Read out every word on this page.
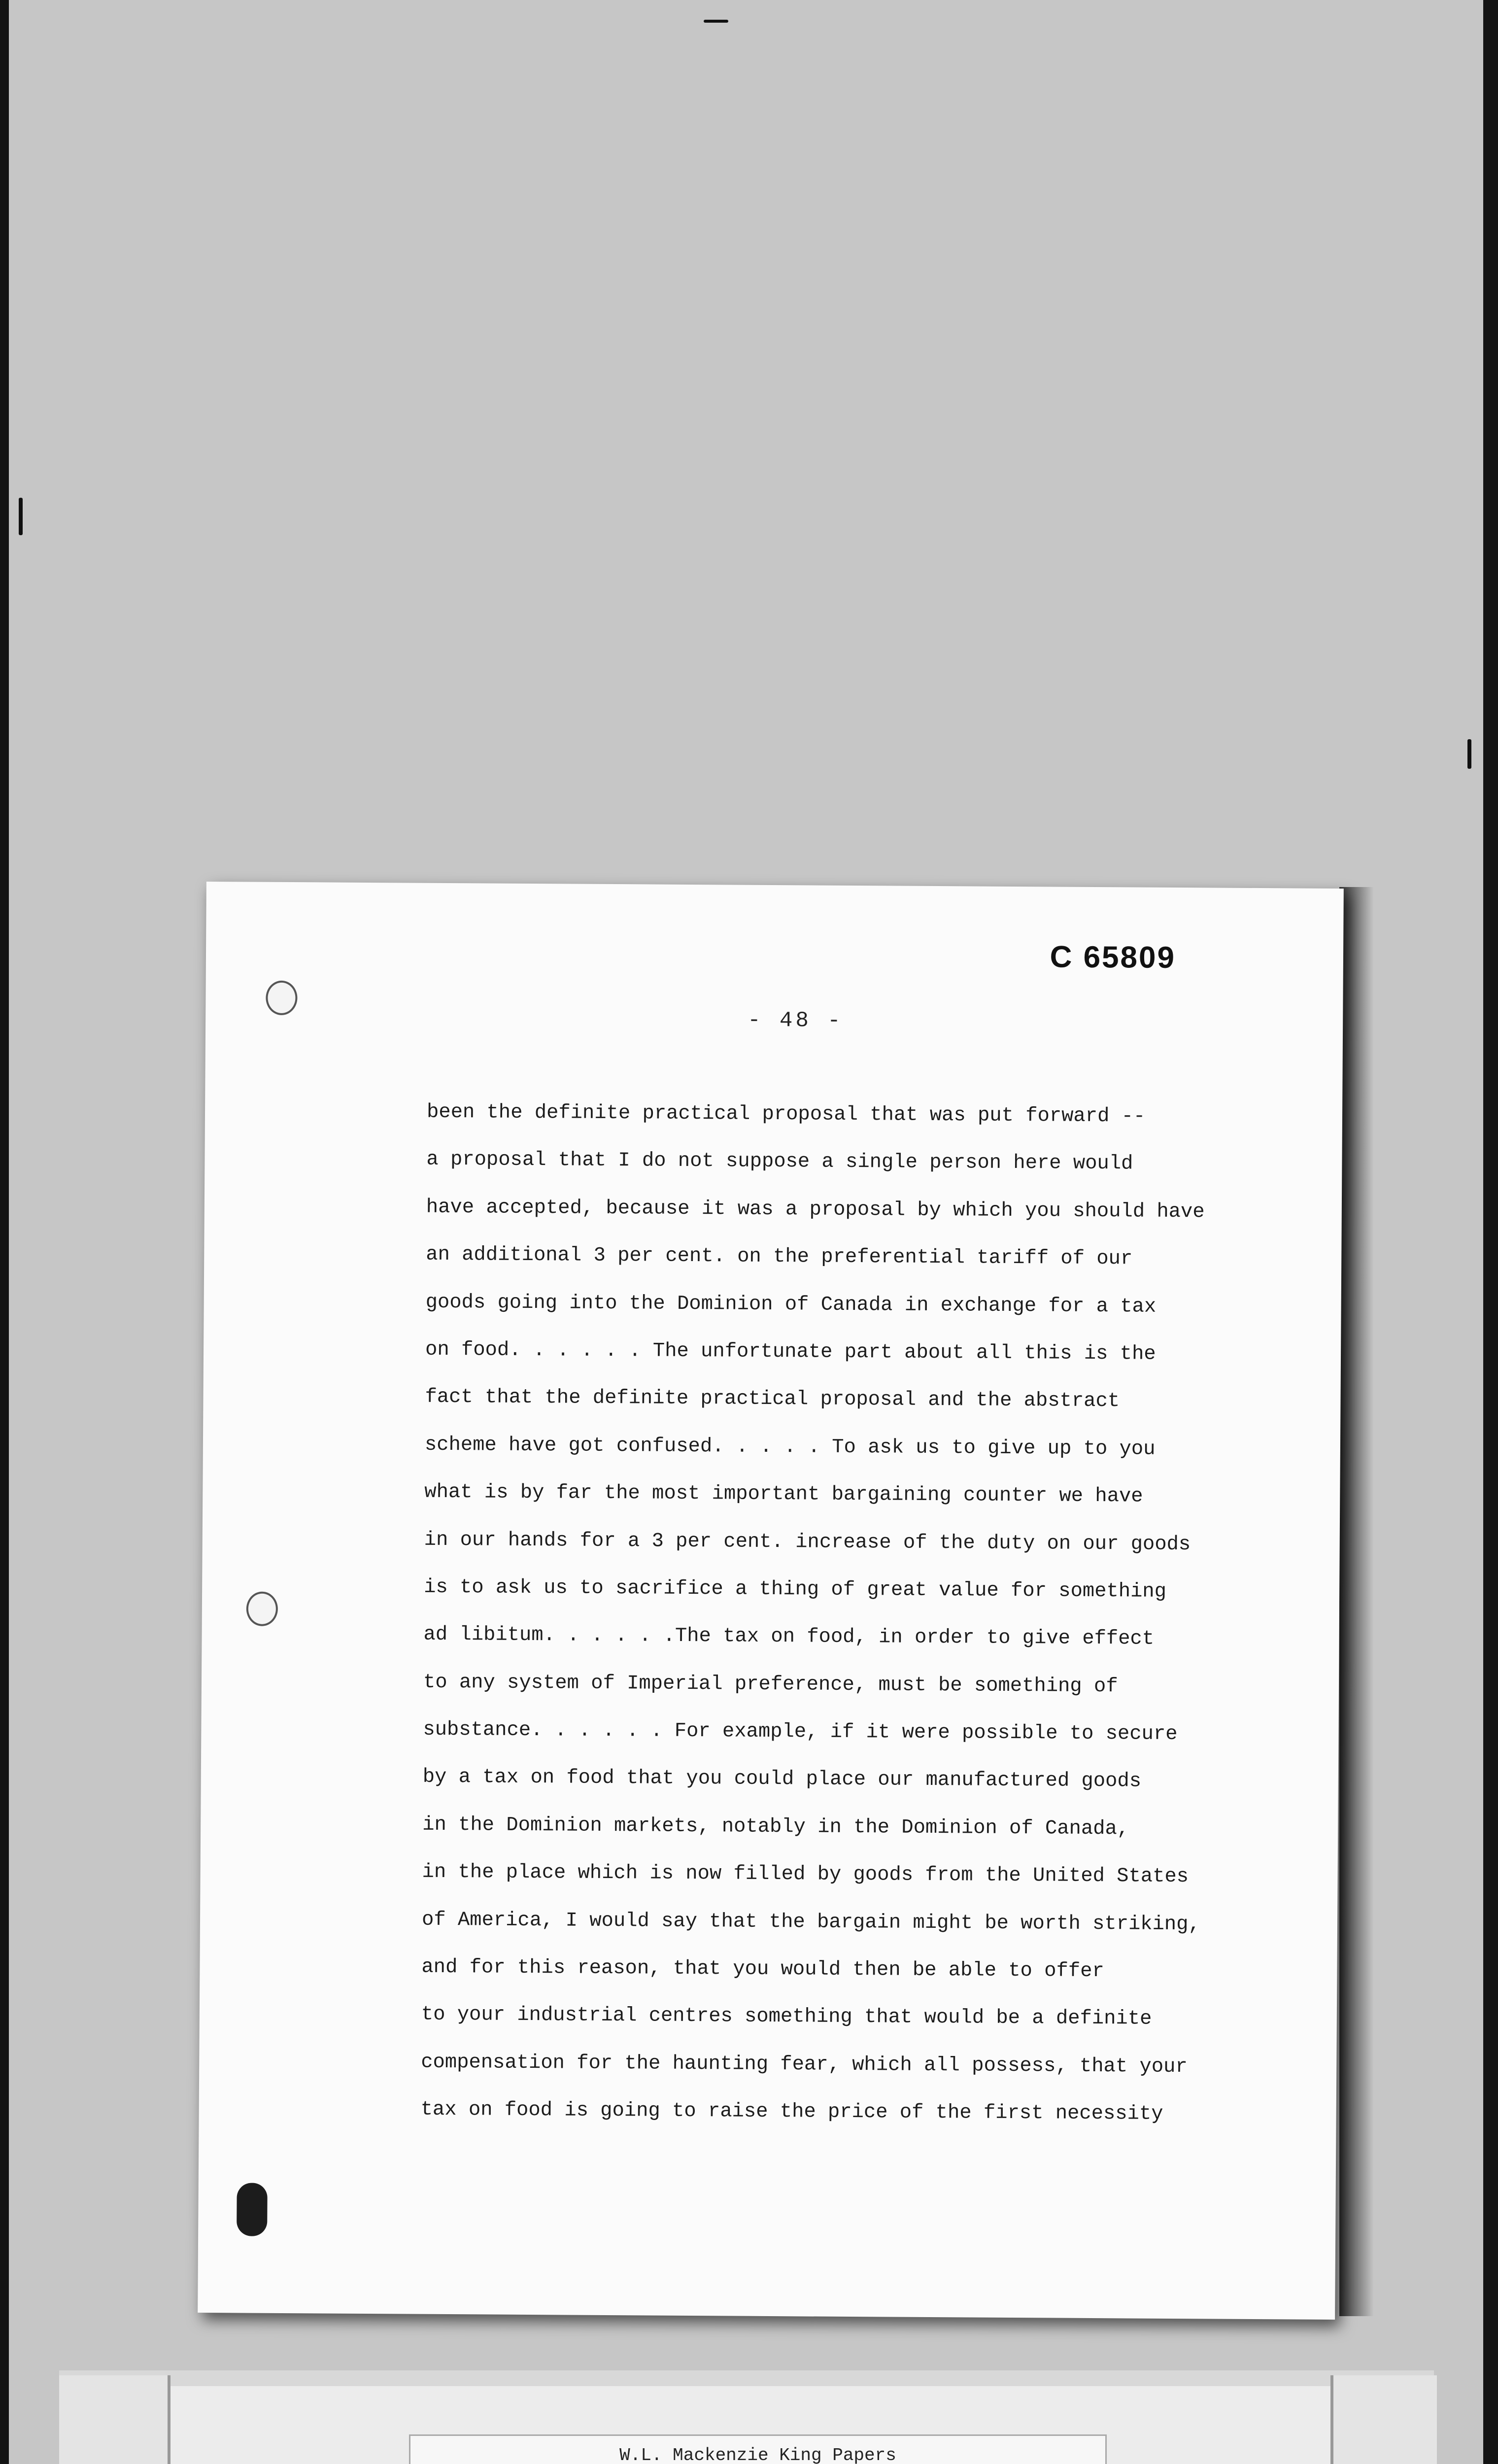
C 65809
- 48 -
been the definite practical proposal that was put forward --
a proposal that I do not suppose a single person here would
have accepted, because it was a proposal by which you should have
an additional 3 per cent. on the preferential tariff of our
goods going into the Dominion of Canada in exchange for a tax
on food. . . . . . The unfortunate part about all this is the
fact that the definite practical proposal and the abstract
scheme have got confused. . . . . To ask us to give up to you
what is by far the most important bargaining counter we have
in our hands for a 3 per cent. increase of the duty on our goods
is to ask us to sacrifice a thing of great value for something
ad libitum. . . . . .The tax on food, in order to give effect
to any system of Imperial preference, must be something of
substance. . . . . . For example, if it were possible to secure
by a tax on food that you could place our manufactured goods
in the Dominion markets, notably in the Dominion of Canada,
in the place which is now filled by goods from the United States
of America, I would say that the bargain might be worth striking,
and for this reason, that you would then be able to offer
to your industrial centres something that would be a definite
compensation for the haunting fear, which all possess, that your
tax on food is going to raise the price of the first necessity
W.L. Mackenzie King Papers
